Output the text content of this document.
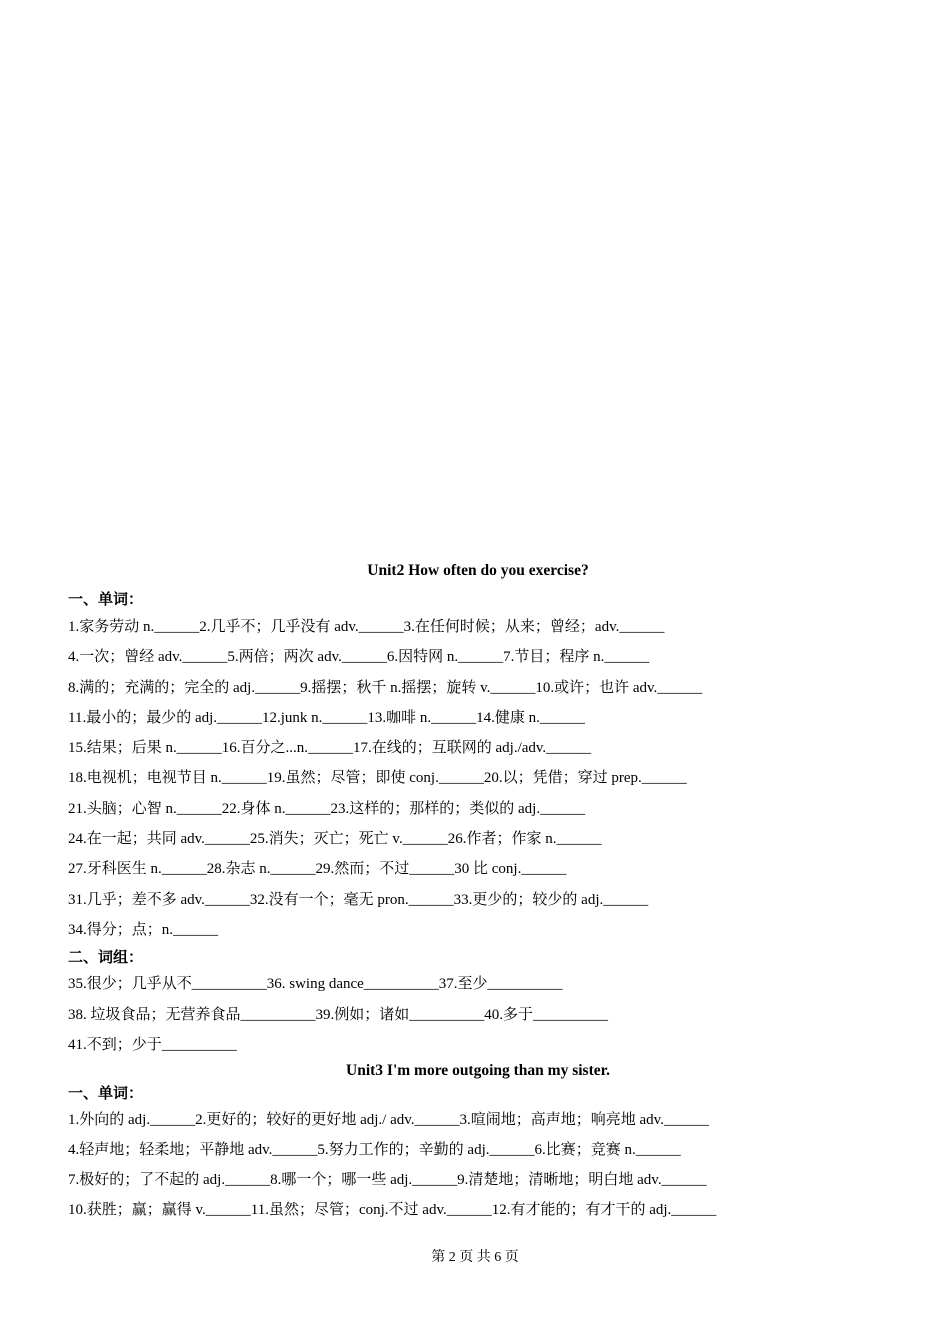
Unit2 How often do you exercise?
一、单词：
1.家务劳动 n.______2.几乎不；几乎没有 adv.______3.在任何时候；从来；曾经；adv.______
4.一次；曾经 adv.______5.两倍；两次 adv.______6.因特网 n.______7.节目；程序 n.______
8.满的；充满的；完全的 adj.______9.摇摆；秋千 n.摇摆；旋转 v.______10.或许；也许 adv.______
11.最小的；最少的 adj.______12.junk n.______13.咖啡 n.______14.健康 n.______
15.结果；后果 n.______16.百分之...n.______17.在线的；互联网的 adj./adv.______
18.电视机；电视节目 n.______19.虽然；尽管；即使 conj.______20.以；凭借；穿过 prep.______
21.头脑；心智 n.______22.身体 n.______23.这样的；那样的；类似的 adj.______
24.在一起；共同 adv.______25.消失；灭亡；死亡 v.______26.作者；作家 n.______
27.牙科医生 n.______28.杂志 n.______29.然而；不过______30 比 conj.______
31.几乎；差不多 adv.______32.没有一个；毫无 pron.______33.更少的；较少的 adj.______
34.得分；点；n.______
二、词组：
35.很少；几乎从不__________36. swing dance__________37.至少__________
38. 垃圾食品；无营养食品__________39.例如；诸如__________40.多于__________
41.不到；少于__________
Unit3 I'm more outgoing than my sister.
一、单词：
1.外向的 adj.______2.更好的；较好的更好地 adj./ adv.______3.喧闹地；高声地；响亮地 adv.______
4.轻声地；轻柔地；平静地 adv.______5.努力工作的；辛勤的 adj.______6.比赛；竞赛 n.______
7.极好的；了不起的 adj.______8.哪一个；哪一些 adj.______9.清楚地；清晰地；明白地 adv.______
10.获胜；赢；赢得 v.______11.虽然；尽管；conj.不过 adv.______12.有才能的；有才干的 adj.______
第 2 页 共 6 页
